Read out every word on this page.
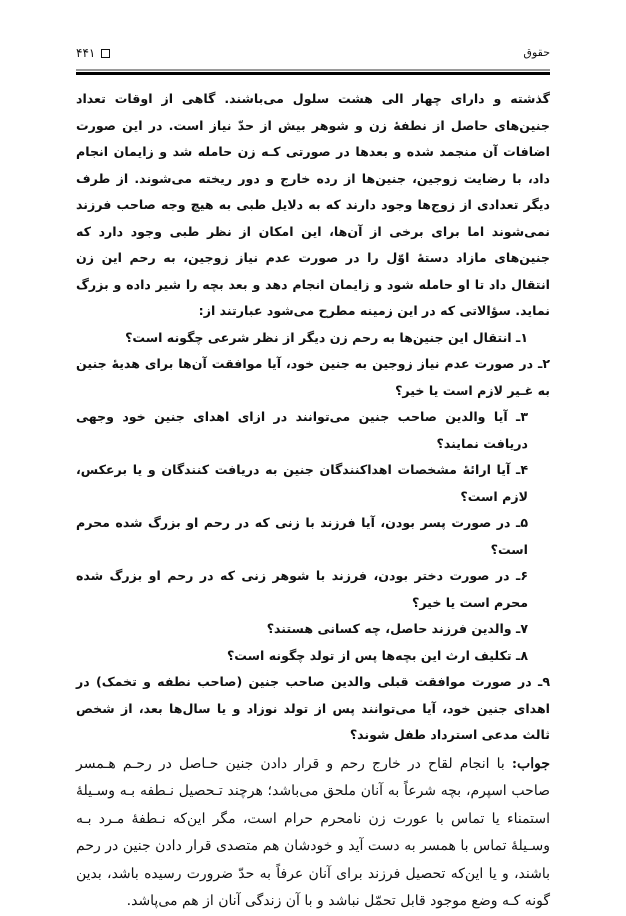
۴۴۱	حقوق

گذشته و دارای چهار الی هشت سلول می‌باشند. گاهی از اوقات تعداد جنین‌های حاصل از نطفهٔ زن و شوهر بیش از حدّ نیاز است. در این صورت اضافات آن منجمد شده و بعدها در صورتی کـه زن حامله شد و زایمان انجام داد، با رضایت زوجین، جنین‌ها از رده خارج و دور ریخته می‌شوند. از طرف دیگر تعدادی از زوج‌ها وجود دارند که به دلایل طبی به هیچ وجه صاحب فرزند نمی‌شوند اما برای برخی از آن‌ها، این امکان از نظر طبی وجود دارد که جنین‌های مازاد دستهٔ اوّل را در صورت عدم نیاز زوجین، به رحم این زن انتقال داد تا او حامله شود و زایمان انجام دهد و بعد بچه را شیر داده و بزرگ نماید. سؤالاتی که در این زمینه مطرح می‌شود عبارتند از:

۱ـ انتقال این جنین‌ها به رحم زن دیگر از نظر شرعی چگونه است؟

۲ـ در صورت عدم نیاز زوجین به جنین خود، آیا موافقت آن‌ها برای هدیهٔ جنین به غـیر لازم است یا خیر؟

۳ـ آیا والدین صاحب جنین می‌توانند در ازای اهدای جنین خود وجهی دریافت نمایند؟

۴ـ آیا ارائهٔ مشخصات اهداکنندگان جنین به دریافت کنندگان و یا برعکس، لازم است؟

۵ـ در صورت پسر بودن، آیا فرزند با زنی که در رحم او بزرگ شده محرم است؟

۶ـ در صورت دختر بودن، فرزند با شوهر زنی که در رحم او بزرگ شده محرم است یا خیر؟

۷ـ والدین فرزند حاصل، چه کسانی هستند؟

۸ـ تکلیف ارث این بچه‌ها پس از تولد چگونه است؟

۹ـ در صورت موافقت قبلی والدین صاحب جنین (صاحب نطفه و تخمک) در اهدای جنین خود، آیا می‌توانند پس از تولد نوزاد و یا سال‌ها بعد، از شخص ثالث مدعی استرداد طفل شوند؟

جواب: با انجام لقاح در خارج رحم و قرار دادن جنین حـاصل در رحـم هـمسر صاحب اسپرم، بچه شرعاً به آنان ملحق می‌باشد؛ هرچند تـحصیل نـطفه بـه وسـیلهٔ استمناء یا تماس با عورت زن نامحرم حرام است، مگر این‌که نـطفهٔ مـرد بـه وسـیلهٔ تماس با همسر به دست آید و خودشان هم متصدی قرار دادن جنین در رحم باشند، و یا این‌که تحصیل فرزند برای آنان عرفاً به حدّ ضرورت رسیده باشد، بدین گونه کـه وضع موجود قابل تحمّل نباشد و با آن زندگی آنان از هم می‌پاشد.
